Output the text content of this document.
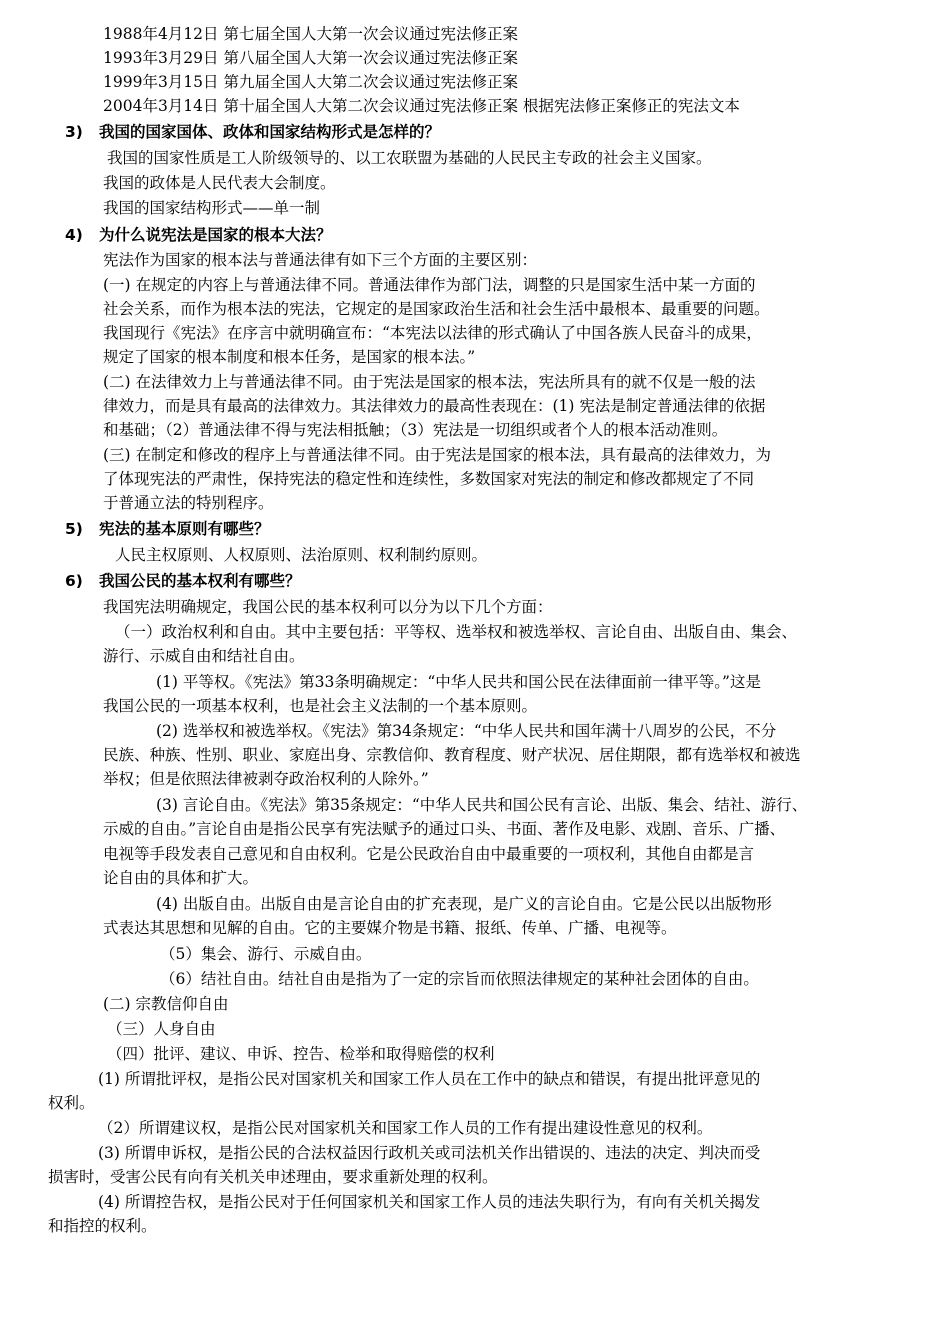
1988年4月12日 第七届全国人大第一次会议通过宪法修正案
1993年3月29日 第八届全国人大第一次会议通过宪法修正案
1999年3月15日 第九届全国人大第二次会议通过宪法修正案
2004年3月14日 第十届全国人大第二次会议通过宪法修正案 根据宪法修正案修正的宪法文本
3) 我国的国家国体、政体和国家结构形式是怎样的？
我国的国家性质是工人阶级领导的、以工农联盟为基础的人民民主专政的社会主义国家。
我国的政体是人民代表大会制度。
我国的国家结构形式——单一制
4) 为什么说宪法是国家的根本大法？
宪法作为国家的根本法与普通法律有如下三个方面的主要区别：
(一) 在规定的内容上与普通法律不同。普通法律作为部门法，调整的只是国家生活中某一方面的
社会关系，而作为根本法的宪法，它规定的是国家政治生活和社会生活中最根本、最重要的问题。
我国现行《宪法》在序言中就明确宣布：“本宪法以法律的形式确认了中国各族人民奋斗的成果，
规定了国家的根本制度和根本任务，是国家的根本法。”
(二) 在法律效力上与普通法律不同。由于宪法是国家的根本法，宪法所具有的就不仅是一般的法
律效力，而是具有最高的法律效力。其法律效力的最高性表现在：(1) 宪法是制定普通法律的依据
和基础；（2）普通法律不得与宪法相抵触；（3）宪法是一切组织或者个人的根本活动准则。
(三) 在制定和修改的程序上与普通法律不同。由于宪法是国家的根本法，具有最高的法律效力，为
了体现宪法的严肃性，保持宪法的稳定性和连续性，多数国家对宪法的制定和修改都规定了不同
于普通立法的特别程序。
5) 宪法的基本原则有哪些？
人民主权原则、人权原则、法治原则、权利制约原则。
6) 我国公民的基本权利有哪些？
我国宪法明确规定，我国公民的基本权利可以分为以下几个方面：
（一）政治权利和自由。其中主要包括：平等权、选举权和被选举权、言论自由、出版自由、集会、
游行、示威自由和结社自由。
(1) 平等权。《宪法》第33条明确规定：“中华人民共和国公民在法律面前一律平等。”这是
我国公民的一项基本权利，也是社会主义法制的一个基本原则。
(2) 选举权和被选举权。《宪法》第34条规定：“中华人民共和国年满十八周岁的公民，不分
民族、种族、性别、职业、家庭出身、宗教信仰、教育程度、财产状况、居住期限，都有选举权和被选
举权；但是依照法律被剥夺政治权利的人除外。”
(3) 言论自由。《宪法》第35条规定：“中华人民共和国公民有言论、出版、集会、结社、游行、
示威的自由。”言论自由是指公民享有宪法赋予的通过口头、书面、著作及电影、戏剧、音乐、广播、
电视等手段发表自己意见和自由权利。它是公民政治自由中最重要的一项权利，其他自由都是言
论自由的具体和扩大。
(4) 出版自由。出版自由是言论自由的扩充表现，是广义的言论自由。它是公民以出版物形
式表达其思想和见解的自由。它的主要媒介物是书籍、报纸、传单、广播、电视等。
（5）集会、游行、示威自由。
（6）结社自由。结社自由是指为了一定的宗旨而依照法律规定的某种社会团体的自由。
(二) 宗教信仰自由
（三）人身自由
（四）批评、建议、申诉、控告、检举和取得赔偿的权利
(1) 所谓批评权，是指公民对国家机关和国家工作人员在工作中的缺点和错误，有提出批评意见的
权利。
（2）所谓建议权，是指公民对国家机关和国家工作人员的工作有提出建设性意见的权利。
(3) 所谓申诉权，是指公民的合法权益因行政机关或司法机关作出错误的、违法的决定、判决而受
损害时，受害公民有向有关机关申述理由，要求重新处理的权利。
(4) 所谓控告权，是指公民对于任何国家机关和国家工作人员的违法失职行为，有向有关机关揭发
和指控的权利。
